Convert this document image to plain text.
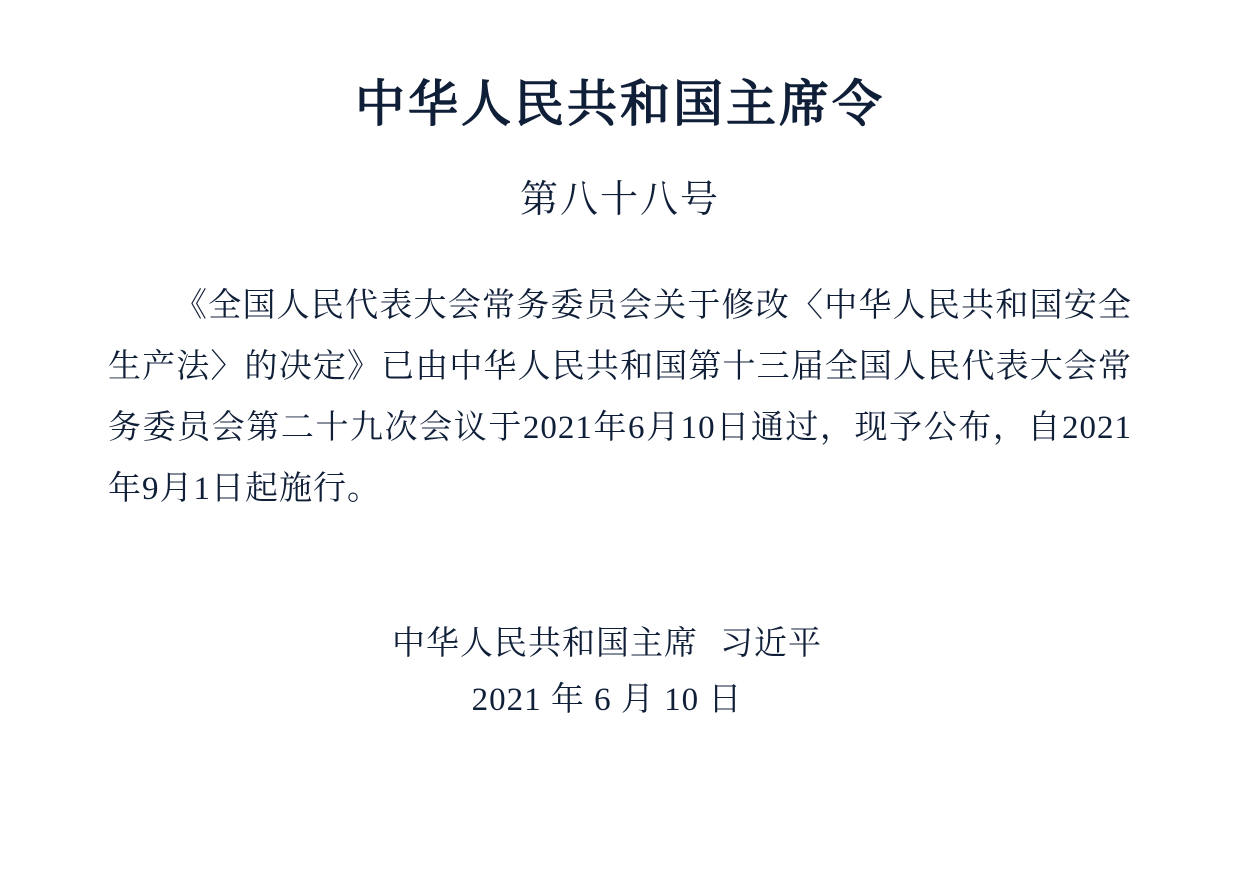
中华人民共和国主席令
第八十八号

《全国人民代表大会常务委员会关于修改〈中华人民共和国安全生产法〉的决定》已由中华人民共和国第十三届全国人民代表大会常务委员会第二十九次会议于2021年6月10日通过，现予公布，自2021年9月1日起施行。

中华人民共和国主席 习近平

2021 年 6 月 10 日
